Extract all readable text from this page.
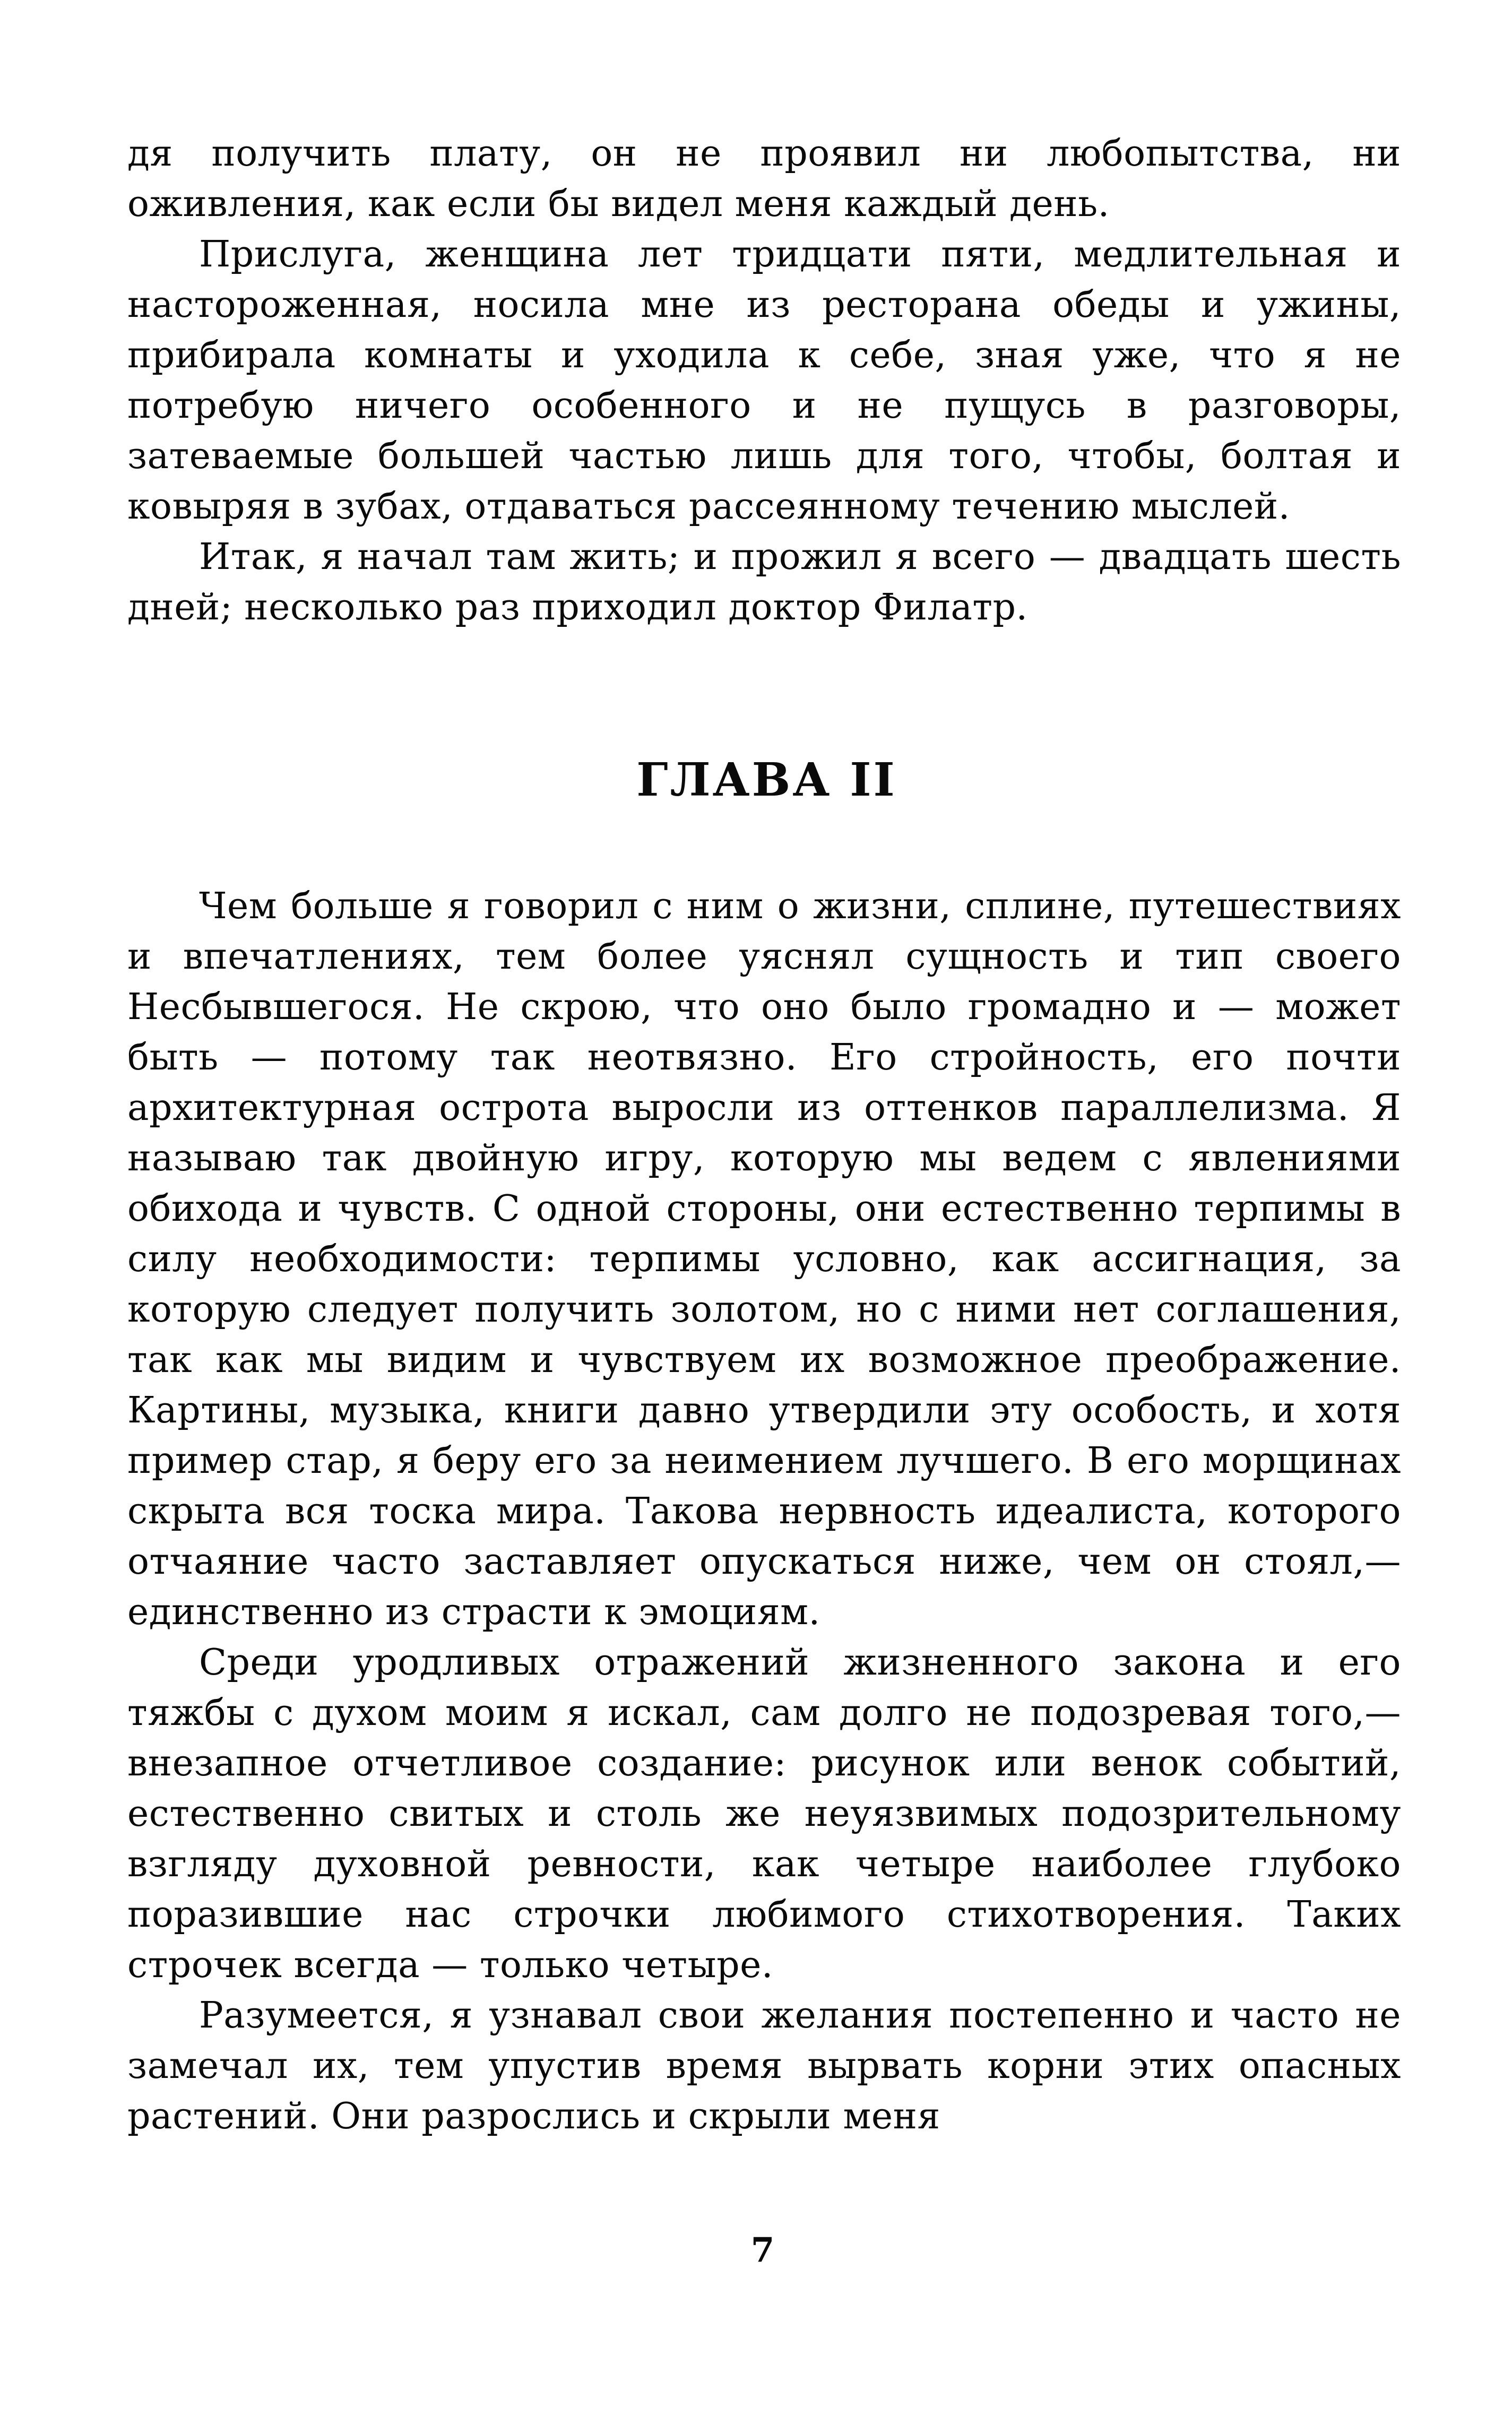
дя получить плату, он не проявил ни любопытства, ни оживления, как если бы видел меня каждый день.

Прислуга, женщина лет тридцати пяти, медлительная и настороженная, носила мне из ресторана обеды и ужины, прибирала комнаты и уходила к себе, зная уже, что я не потребую ничего особенного и не пущусь в разговоры, затеваемые большей частью лишь для того, чтобы, болтая и ковыряя в зубах, отдаваться рассеянному течению мыслей.

Итак, я начал там жить; и прожил я всего — двадцать шесть дней; несколько раз приходил доктор Филатр.

ГЛАВА II

Чем больше я говорил с ним о жизни, сплине, путешествиях и впечатлениях, тем более уяснял сущность и тип своего Несбывшегося. Не скрою, что оно было громадно и — может быть — потому так неотвязно. Его стройность, его почти архитектурная острота выросли из оттенков параллелизма. Я называю так двойную игру, которую мы ведем с явлениями обихода и чувств. С одной стороны, они естественно терпимы в силу необходимости: терпимы условно, как ассигнация, за которую следует получить золотом, но с ними нет соглашения, так как мы видим и чувствуем их возможное преображение. Картины, музыка, книги давно утвердили эту особость, и хотя пример стар, я беру его за неимением лучшего. В его морщинах скрыта вся тоска мира. Такова нервность идеалиста, которого отчаяние часто заставляет опускаться ниже, чем он стоял,— единственно из страсти к эмоциям.

Среди уродливых отражений жизненного закона и его тяжбы с духом моим я искал, сам долго не подозревая того,— внезапное отчетливое создание: рисунок или венок событий, естественно свитых и столь же неуязвимых подозрительному взгляду духовной ревности, как четыре наиболее глубоко поразившие нас строчки любимого стихотворения. Таких строчек всегда — только четыре.

Разумеется, я узнавал свои желания постепенно и часто не замечал их, тем упустив время вырвать корни этих опасных растений. Они разрослись и скрыли меня

7
